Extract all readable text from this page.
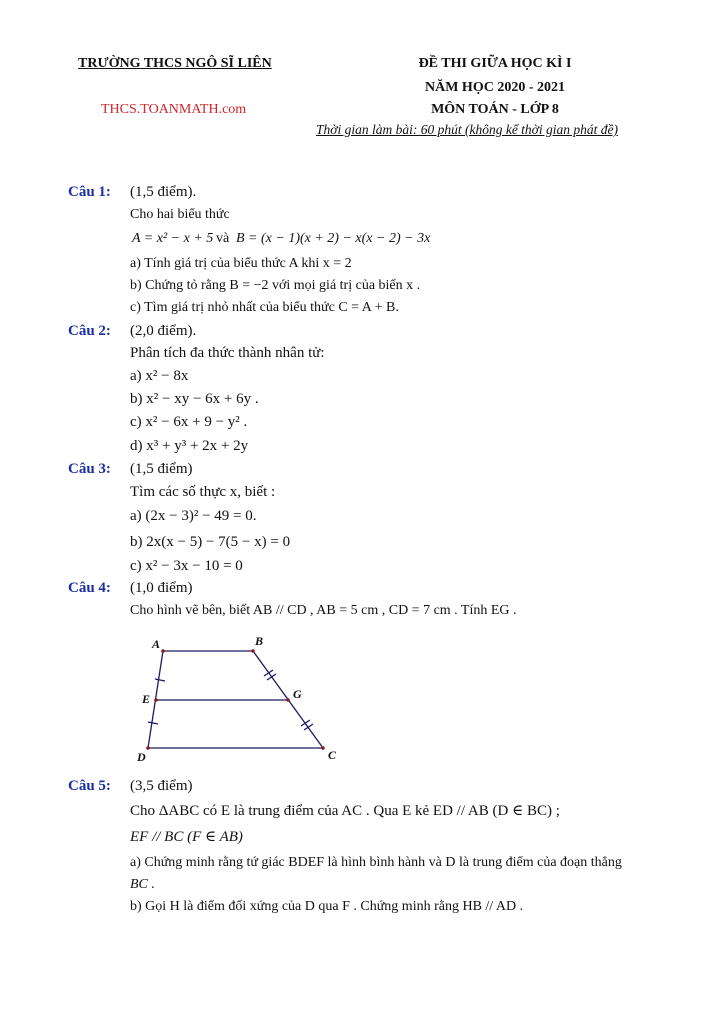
TRƯỜNG THCS NGÔ SĨ LIÊN
THCS.TOANMATH.com
ĐỀ THI GIỮA HỌC KÌ I
NĂM HỌC 2020 - 2021
MÔN TOÁN - LỚP 8
Thời gian làm bài: 60 phút (không kể thời gian phát đề)
Câu 1: (1,5 điểm).
Cho hai biểu thức
A = x² − x + 5 và B = (x − 1)(x + 2) − x(x − 2) − 3x
a) Tính giá trị của biểu thức A khi x = 2
b) Chứng tỏ rằng B = −2 với mọi giá trị của biến x .
c) Tìm giá trị nhỏ nhất của biểu thức C = A + B.
Câu 2: (2,0 điểm).
Phân tích đa thức thành nhân tử:
a) x² − 8x
b) x² − xy − 6x + 6y .
c) x² − 6x + 9 − y² .
d) x³ + y³ + 2x + 2y
Câu 3: (1,5 điểm)
Tìm các số thực x, biết :
a) (2x − 3)² − 49 = 0.
b) 2x(x − 5) − 7(5 − x) = 0
c) x² − 3x − 10 = 0
Câu 4: (1,0 điểm)
Cho hình vẽ bên, biết AB // CD , AB = 5 cm , CD = 7 cm . Tính EG .
A	B
E	G
D	C
Câu 5: (3,5 điểm)
Cho ΔABC có E là trung điểm của AC . Qua E kẻ ED // AB (D ∈ BC) ;
EF // BC (F ∈ AB)
a) Chứng minh rằng tứ giác BDEF là hình bình hành và D là trung điểm của đoạn thẳng
BC .
b) Gọi H là điểm đối xứng của D qua F . Chứng minh rằng HB // AD .
